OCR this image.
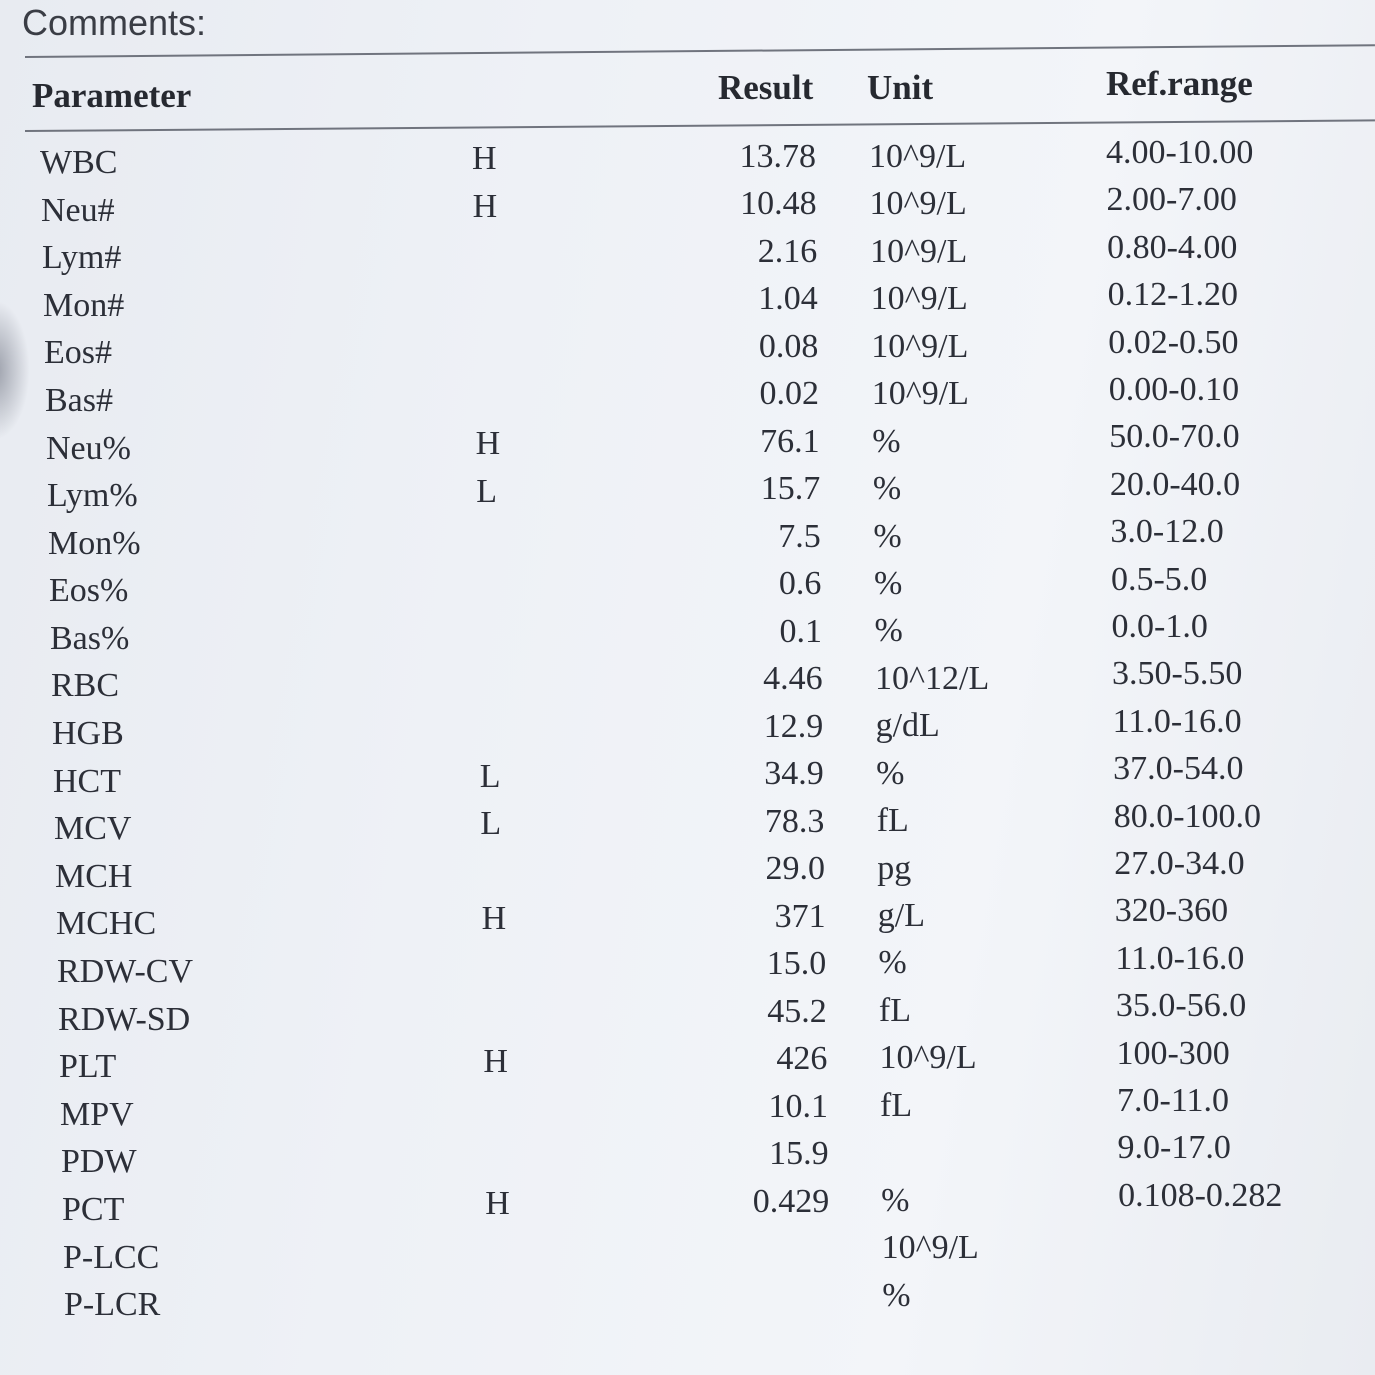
Comments:
Parameter	Result Unit	Ref.range
WBC	H	13.78 10^9/L	4.00-10.00
Neu#	H	10.48 10^9/L	2.00-7.00
Lym#	2.16 10^9/L	0.80-4.00
Mon#	1.04 10^9/L	0.12-1.20
Eos#	0.08 10^9/L	0.02-0.50
Bas#	0.02 10^9/L	0.00-0.10
Neu%	H	76.1 %	50.0-70.0
Lym%	L	15.7 %	20.0-40.0
Mon%	7.5 %	3.0-12.0
Eos%	0.6 %	0.5-5.0
Bas%	0.1 %	0.0-1.0
RBC	4.46 10^12/L	3.50-5.50
HGB	12.9 g/dL	11.0-16.0
HCT	L	34.9 %	37.0-54.0
MCV	L	78.3 fL	80.0-100.0
MCH	29.0 pg	27.0-34.0
MCHC	H	371 g/L	320-360
RDW-CV	15.0 %	11.0-16.0
RDW-SD	45.2 fL	35.0-56.0
PLT	H	426 10^9/L	100-300
MPV	10.1 fL	7.0-11.0
PDW	15.9	9.0-17.0
PCT	H	0.429 %	0.108-0.282
P-LCC	10^9/L
P-LCR	%
